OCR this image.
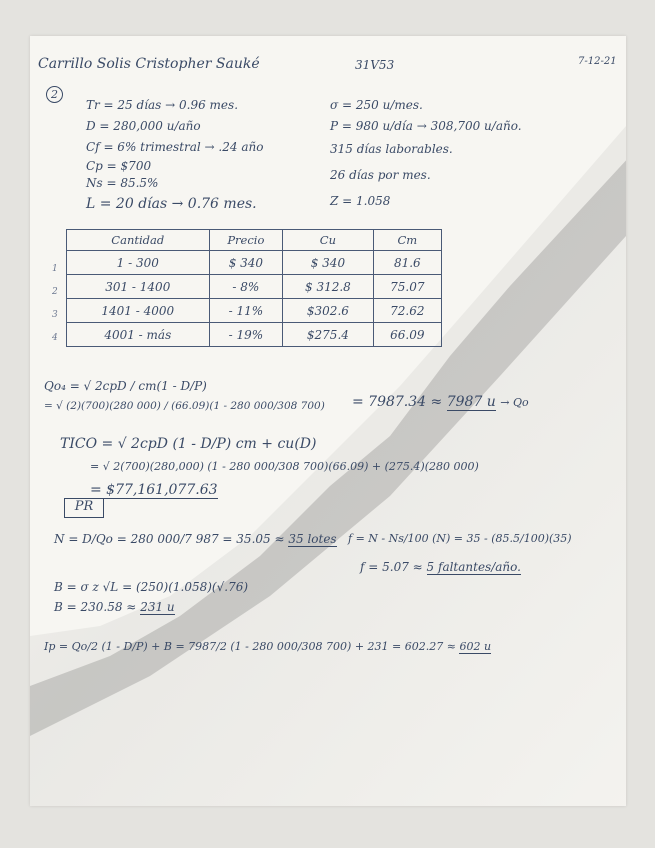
Carrillo Solis Cristopher Sauké	31V53	7-12-21
2
Tr = 25 días → 0.96 mes.
D = 280,000 u/año
Cf = 6% trimestral → .24 año
Cp = $700
Ns = 85.5%
L = 20 días → 0.76 mes.
σ = 250 u/mes.
P = 980 u/día → 308,700 u/año.
315 días laborables.
26 días por mes.
Z = 1.058
1
2
3
4
Cantidad	Precio	Cu	Cm
1 - 300	$ 340	$ 340	81.6
301 - 1400	- 8%	$ 312.8	75.07
1401 - 4000	- 11%	$302.6	72.62
4001 - más	- 19%	$275.4	66.09
Qo₄ = √ 2cpD / cm(1 - D/P)
= √ (2)(700)(280 000) / (66.09)(1 - 280 000/308 700) = 7987.34 ≈ 7987 u → Qo
TICO = √ 2cpD (1 - D/P) cm + cu(D)
= √ 2(700)(280,000) (1 - 280 000/308 700)(66.09) + (275.4)(280 000)
= $77,161,077.63
PR
N = D/Qo = 280 000/7 987 = 35.05 ≈ 35 lotes f = N - Ns/100 (N) = 35 - (85.5/100)(35)
f = 5.07 ≈ 5 faltantes/año.
B = σ z √L = (250)(1.058)(√.76)
B = 230.58 ≈ 231 u
Ip = Qo/2 (1 - D/P) + B = 7987/2 (1 - 280 000/308 700) + 231 = 602.27 ≈ 602 u
